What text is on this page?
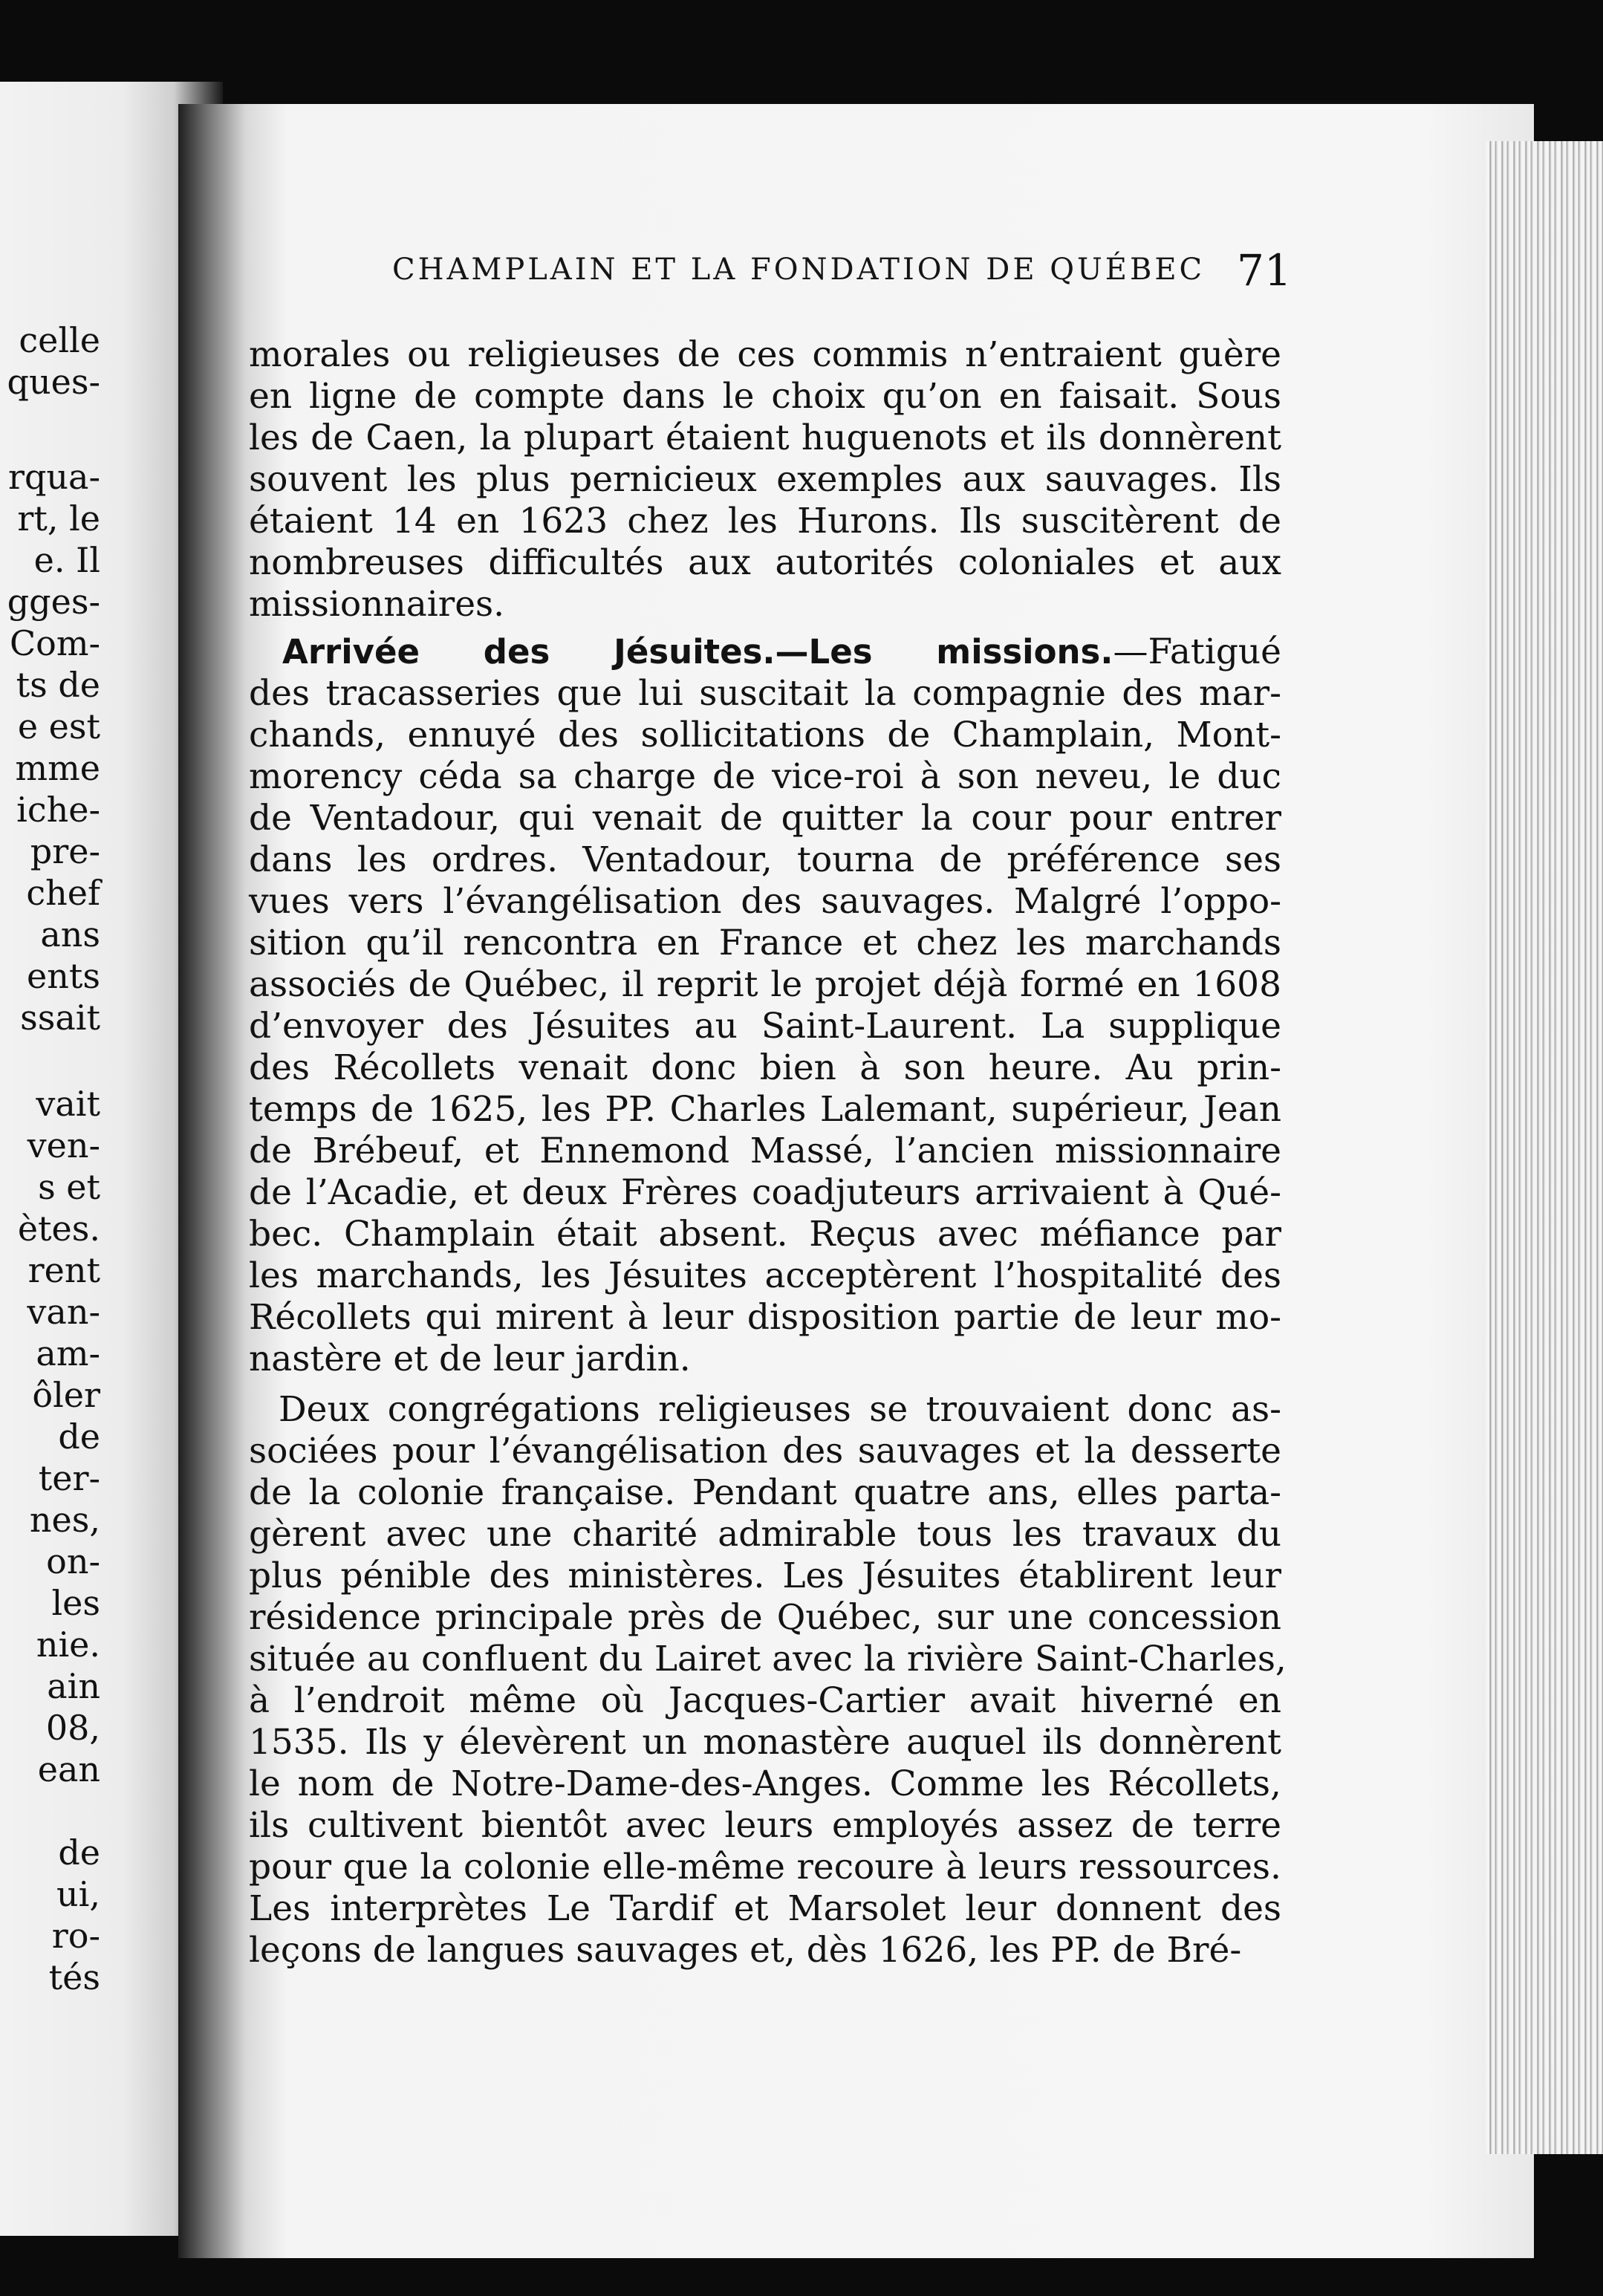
celle
ques-
rqua-
rt, le
e. Il
gges-
Com-
ts de
e est
mme
iche-
pre-
chef
ans
ents
ssait
vait
ven-
s et
ètes.
rent
van-
am-
ôler
de
ter-
nes,
on-
les
nie.
ain
08,
ean
de
ui,
ro-
tés
CHAMPLAIN ET LA FONDATION DE QUÉBEC 71
morales ou religieuses de ces commis n’entraient guère
en ligne de compte dans le choix qu’on en faisait. Sous
les de Caen, la plupart étaient huguenots et ils donnèrent
souvent les plus pernicieux exemples aux sauvages. Ils
étaient 14 en 1623 chez les Hurons. Ils suscitèrent de
nombreuses difficultés aux autorités coloniales et aux
missionnaires.
Arrivée des Jésuites.—Les missions.—Fatigué
des tracasseries que lui suscitait la compagnie des mar-
chands, ennuyé des sollicitations de Champlain, Mont-
morency céda sa charge de vice-roi à son neveu, le duc
de Ventadour, qui venait de quitter la cour pour entrer
dans les ordres. Ventadour, tourna de préférence ses
vues vers l’évangélisation des sauvages. Malgré l’oppo-
sition qu’il rencontra en France et chez les marchands
associés de Québec, il reprit le projet déjà formé en 1608
d’envoyer des Jésuites au Saint-Laurent. La supplique
des Récollets venait donc bien à son heure. Au prin-
temps de 1625, les PP. Charles Lalemant, supérieur, Jean
de Brébeuf, et Ennemond Massé, l’ancien missionnaire
de l’Acadie, et deux Frères coadjuteurs arrivaient à Qué-
bec. Champlain était absent. Reçus avec méfiance par
les marchands, les Jésuites acceptèrent l’hospitalité des
Récollets qui mirent à leur disposition partie de leur mo-
nastère et de leur jardin.
Deux congrégations religieuses se trouvaient donc as-
sociées pour l’évangélisation des sauvages et la desserte
de la colonie française. Pendant quatre ans, elles parta-
gèrent avec une charité admirable tous les travaux du
plus pénible des ministères. Les Jésuites établirent leur
résidence principale près de Québec, sur une concession
située au confluent du Lairet avec la rivière Saint-Charles,
à l’endroit même où Jacques-Cartier avait hiverné en
1535. Ils y élevèrent un monastère auquel ils donnèrent
le nom de Notre-Dame-des-Anges. Comme les Récollets,
ils cultivent bientôt avec leurs employés assez de terre
pour que la colonie elle-même recoure à leurs ressources.
Les interprètes Le Tardif et Marsolet leur donnent des
leçons de langues sauvages et, dès 1626, les PP. de Bré-
